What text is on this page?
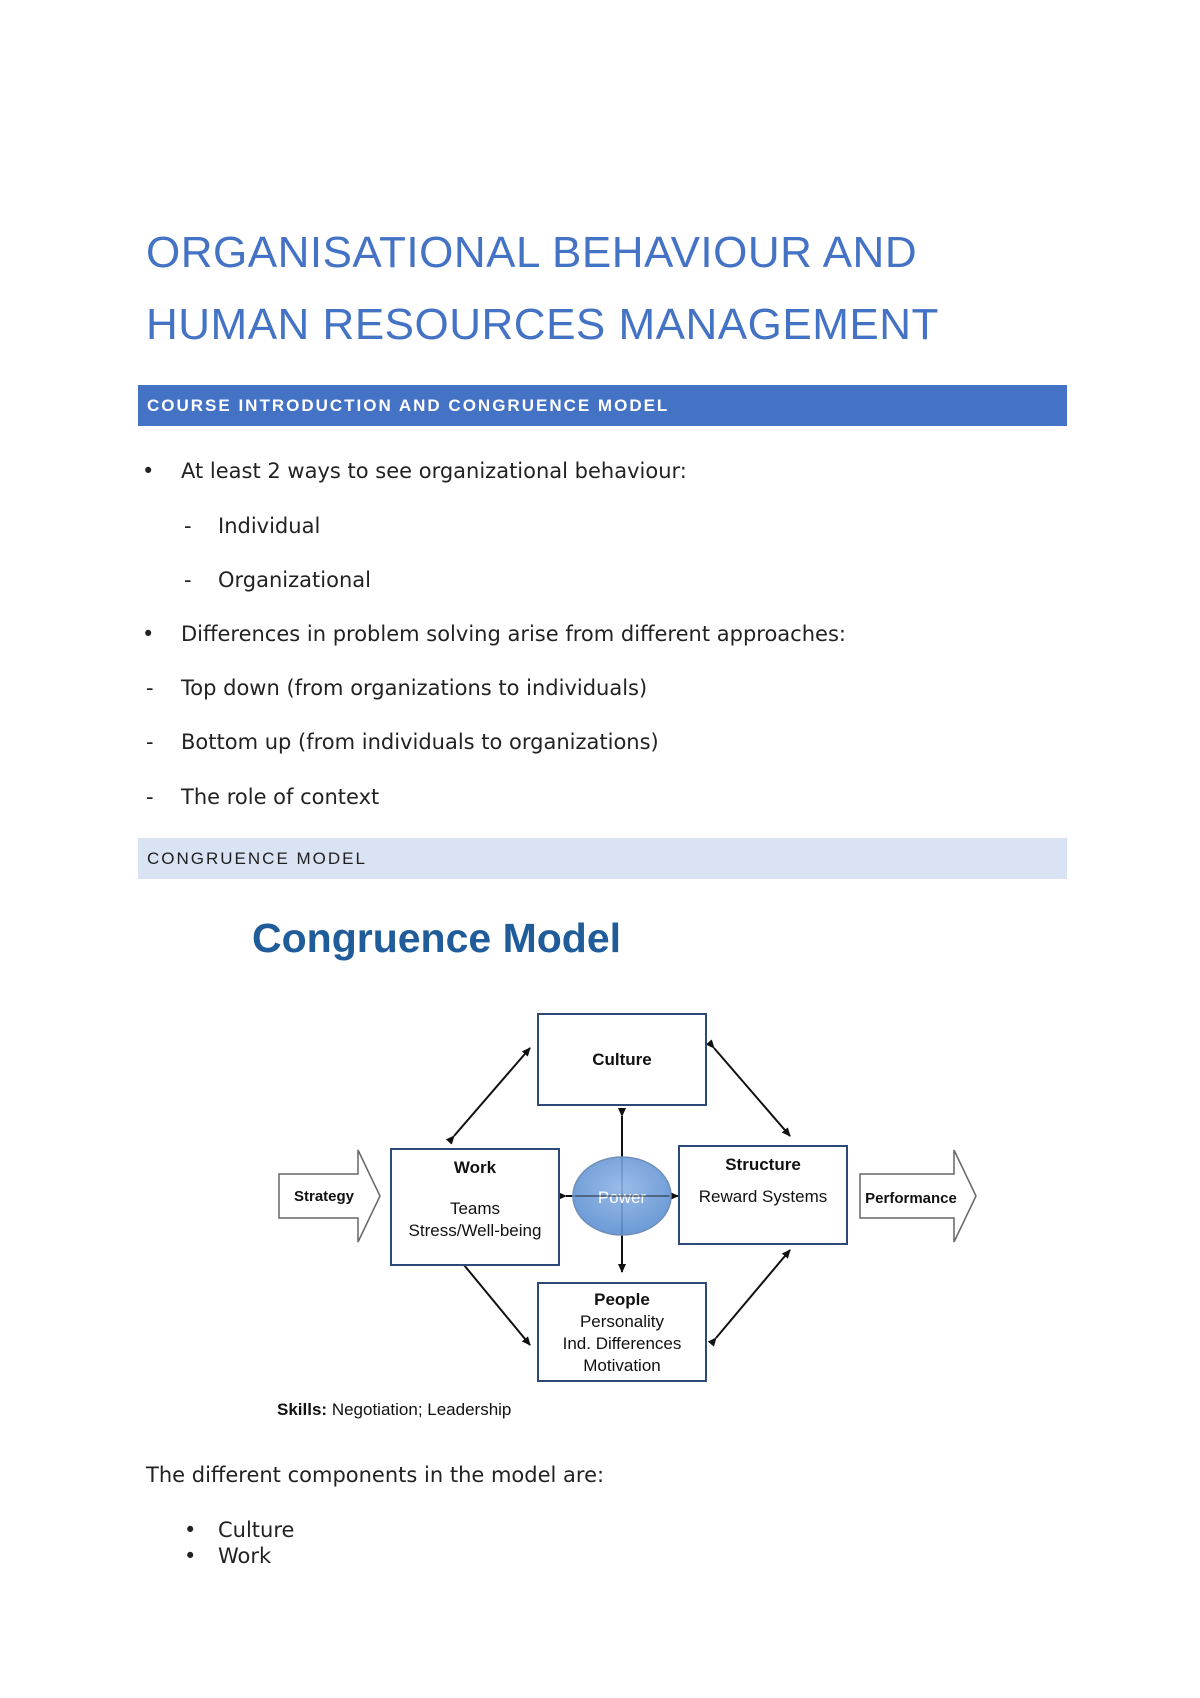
ORGANISATIONAL BEHAVIOUR AND
HUMAN RESOURCES MANAGEMENT
COURSE INTRODUCTION AND CONGRUENCE MODEL
• At least 2 ways to see organizational behaviour:
- Individual
- Organizational
• Differences in problem solving arise from different approaches:
- Top down (from organizations to individuals)
- Bottom up (from individuals to organizations)
- The role of context
CONGRUENCE MODEL
Congruence Model
Power
Culture
Work
Teams
Stress/Well-being
Structure
Reward Systems
People
Personality
Ind. Differences
Motivation
Strategy	Performance
Skills: Negotiation; Leadership
The different components in the model are:
• Culture
• Work
